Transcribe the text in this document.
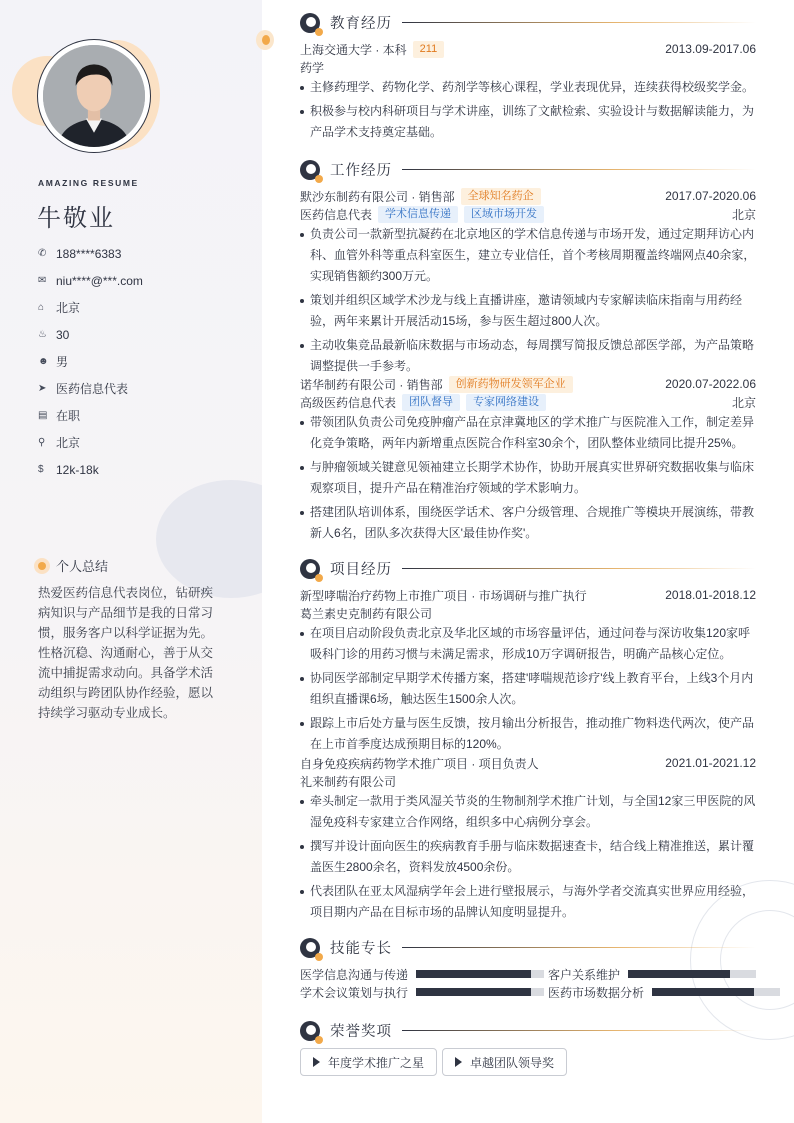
AMAZING RESUME
牛敬业
✆ 188****6383
✉ niu****@***.com
⌂ 北京
♨ 30
☻ 男
➤ 医药信息代表
▤ 在职
⚲ 北京
$	12k-18k
个人总结
热爱医药信息代表岗位，钻研疾病知识与产品细节是我的日常习惯，服务客户以科学证据为先。性格沉稳、沟通耐心，善于从交流中捕捉需求动向。具备学术活动组织与跨团队协作经验，愿以持续学习驱动专业成长。
教育经历
上海交通大学 · 本科	211	2013.09-2017.06
药学
主修药理学、药物化学、药剂学等核心课程，学业表现优异，连续获得校级奖学金。
积极参与校内科研项目与学术讲座，训练了文献检索、实验设计与数据解读能力，为产品学术支持奠定基础。
工作经历
默沙东制药有限公司 · 销售部	全球知名药企	2017.07-2020.06
医药信息代表	学术信息传递	区域市场开发	北京
负责公司一款新型抗凝药在北京地区的学术信息传递与市场开发，通过定期拜访心内科、血管外科等重点科室医生，建立专业信任，首个考核周期覆盖终端网点40余家，实现销售额约300万元。
策划并组织区域学术沙龙与线上直播讲座，邀请领域内专家解读临床指南与用药经验，两年来累计开展活动15场，参与医生超过800人次。
主动收集竞品最新临床数据与市场动态，每周撰写简报反馈总部医学部，为产品策略调整提供一手参考。
诺华制药有限公司 · 销售部	创新药物研发领军企业	2020.07-2022.06
高级医药信息代表	团队督导	专家网络建设	北京
带领团队负责公司免疫肿瘤产品在京津冀地区的学术推广与医院准入工作，制定差异化竞争策略，两年内新增重点医院合作科室30余个，团队整体业绩同比提升25%。
与肿瘤领域关键意见领袖建立长期学术协作，协助开展真实世界研究数据收集与临床观察项目，提升产品在精准治疗领域的学术影响力。
搭建团队培训体系，围绕医学话术、客户分级管理、合规推广等模块开展演练，带教新人6名，团队多次获得大区'最佳协作奖'。
项目经历
新型哮喘治疗药物上市推广项目 · 市场调研与推广执行	2018.01-2018.12
葛兰素史克制药有限公司
在项目启动阶段负责北京及华北区域的市场容量评估，通过问卷与深访收集120家呼吸科门诊的用药习惯与未满足需求，形成10万字调研报告，明确产品核心定位。
协同医学部制定早期学术传播方案，搭建'哮喘规范诊疗'线上教育平台，上线3个月内组织直播课6场，触达医生1500余人次。
跟踪上市后处方量与医生反馈，按月输出分析报告，推动推广物料迭代两次，使产品在上市首季度达成预期目标的120%。
自身免疫疾病药物学术推广项目 · 项目负责人	2021.01-2021.12
礼来制药有限公司
牵头制定一款用于类风湿关节炎的生物制剂学术推广计划，与全国12家三甲医院的风湿免疫科专家建立合作网络，组织多中心病例分享会。
撰写并设计面向医生的疾病教育手册与临床数据速查卡，结合线上精准推送，累计覆盖医生2800余名，资料发放4500余份。
代表团队在亚太风湿病学年会上进行壁报展示，与海外学者交流真实世界应用经验，项目期内产品在目标市场的品牌认知度明显提升。
技能专长
医学信息沟通与传递	客户关系维护
学术会议策划与执行	医药市场数据分析
荣誉奖项
年度学术推广之星	卓越团队领导奖
